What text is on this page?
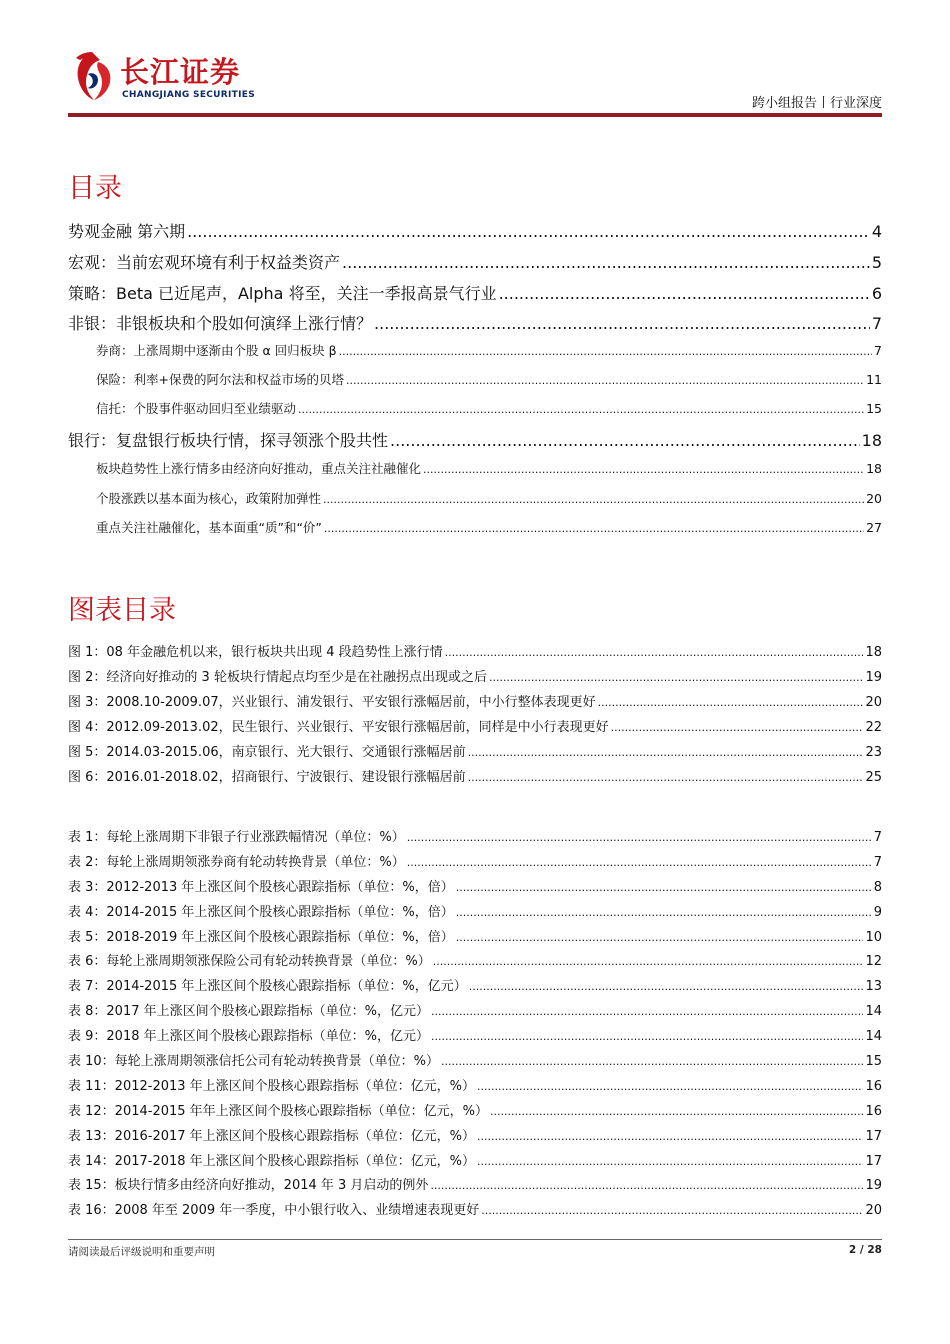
长江证券
CHANGJIANG SECURITIES
跨小组报告丨行业深度
目录
势观金融 第六期 .....	4
宏观：当前宏观环境有利于权益类资产 .....	5
策略：Beta 已近尾声，Alpha 将至，关注一季报高景气行业 .....	6
非银：非银板块和个股如何演绎上涨行情？ .....	7
券商：上涨周期中逐渐由个股 α 回归板块 β .....	7
保险：利率+保费的阿尔法和权益市场的贝塔 .....	11
信托：个股事件驱动回归至业绩驱动 .....	15
银行：复盘银行板块行情，探寻领涨个股共性 .....	18
板块趋势性上涨行情多由经济向好推动，重点关注社融催化 .....	18
个股涨跌以基本面为核心，政策附加弹性 .....	20
重点关注社融催化，基本面重“质”和“价” .....	27
图表目录
图 1：08 年金融危机以来，银行板块共出现 4 段趋势性上涨行情 .....	18
图 2：经济向好推动的 3 轮板块行情起点均至少是在社融拐点出现或之后 .....	19
图 3：2008.10-2009.07，兴业银行、浦发银行、平安银行涨幅居前，中小行整体表现更好 .....	20
图 4：2012.09-2013.02，民生银行、兴业银行、平安银行涨幅居前，同样是中小行表现更好 .....	22
图 5：2014.03-2015.06，南京银行、光大银行、交通银行涨幅居前 .....	23
图 6：2016.01-2018.02，招商银行、宁波银行、建设银行涨幅居前 .....	25
表 1：每轮上涨周期下非银子行业涨跌幅情况（单位：%） .....	7
表 2：每轮上涨周期领涨券商有轮动转换背景（单位：%） .....	7
表 3：2012-2013 年上涨区间个股核心跟踪指标（单位：%，倍） .....	8
表 4：2014-2015 年上涨区间个股核心跟踪指标（单位：%，倍） .....	9
表 5：2018-2019 年上涨区间个股核心跟踪指标（单位：%，倍） .....	10
表 6：每轮上涨周期领涨保险公司有轮动转换背景（单位：%） .....	12
表 7：2014-2015 年上涨区间个股核心跟踪指标（单位：%，亿元） .....	13
表 8：2017 年上涨区间个股核心跟踪指标（单位：%，亿元） .....	14
表 9：2018 年上涨区间个股核心跟踪指标（单位：%，亿元） .....	14
表 10：每轮上涨周期领涨信托公司有轮动转换背景（单位：%） .....	15
表 11：2012-2013 年上涨区间个股核心跟踪指标（单位：亿元，%） .....	16
表 12：2014-2015 年年上涨区间个股核心跟踪指标（单位：亿元，%） .....	16
表 13：2016-2017 年上涨区间个股核心跟踪指标（单位：亿元，%） .....	17
表 14：2017-2018 年上涨区间个股核心跟踪指标（单位：亿元，%） .....	17
表 15：板块行情多由经济向好推动，2014 年 3 月启动的例外 .....	19
表 16：2008 年至 2009 年一季度，中小银行收入、业绩增速表现更好 .....	20
请阅读最后评级说明和重要声明	2 / 28
